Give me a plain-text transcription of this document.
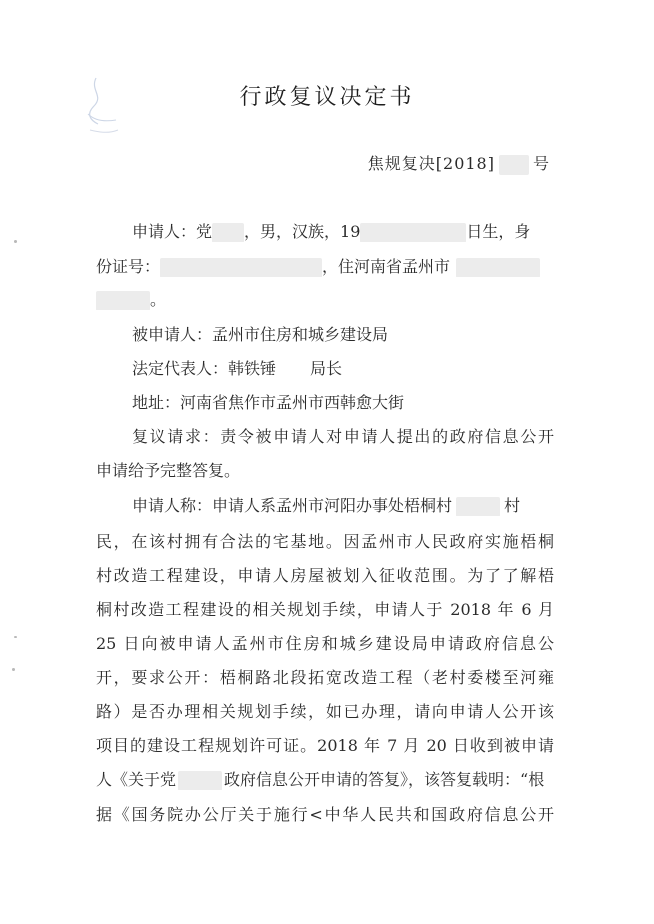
行政复议决定书
焦规复决[2018] 号
申请人：党 ，男，汉族，19	日生，身
份证号：	，住河南省孟州市
。
被申请人：孟州市住房和城乡建设局
法定代表人：韩铁锤 局长
地址：河南省焦作市孟州市西韩愈大街
复议请求：责令被申请人对申请人提出的政府信息公开
申请给予完整答复。
申请人称：申请人系孟州市河阳办事处梧桐村	村
民，在该村拥有合法的宅基地。因孟州市人民政府实施梧桐
村改造工程建设，申请人房屋被划入征收范围。为了了解梧
桐村改造工程建设的相关规划手续，申请人于 2018 年 6 月
25 日向被申请人孟州市住房和城乡建设局申请政府信息公
开，要求公开：梧桐路北段拓宽改造工程（老村委楼至河雍
路）是否办理相关规划手续，如已办理，请向申请人公开该
项目的建设工程规划许可证。2018 年 7 月 20 日收到被申请
人《关于党	政府信息公开申请的答复》，该答复载明：“根
据《国务院办公厅关于施行<中华人民共和国政府信息公开
